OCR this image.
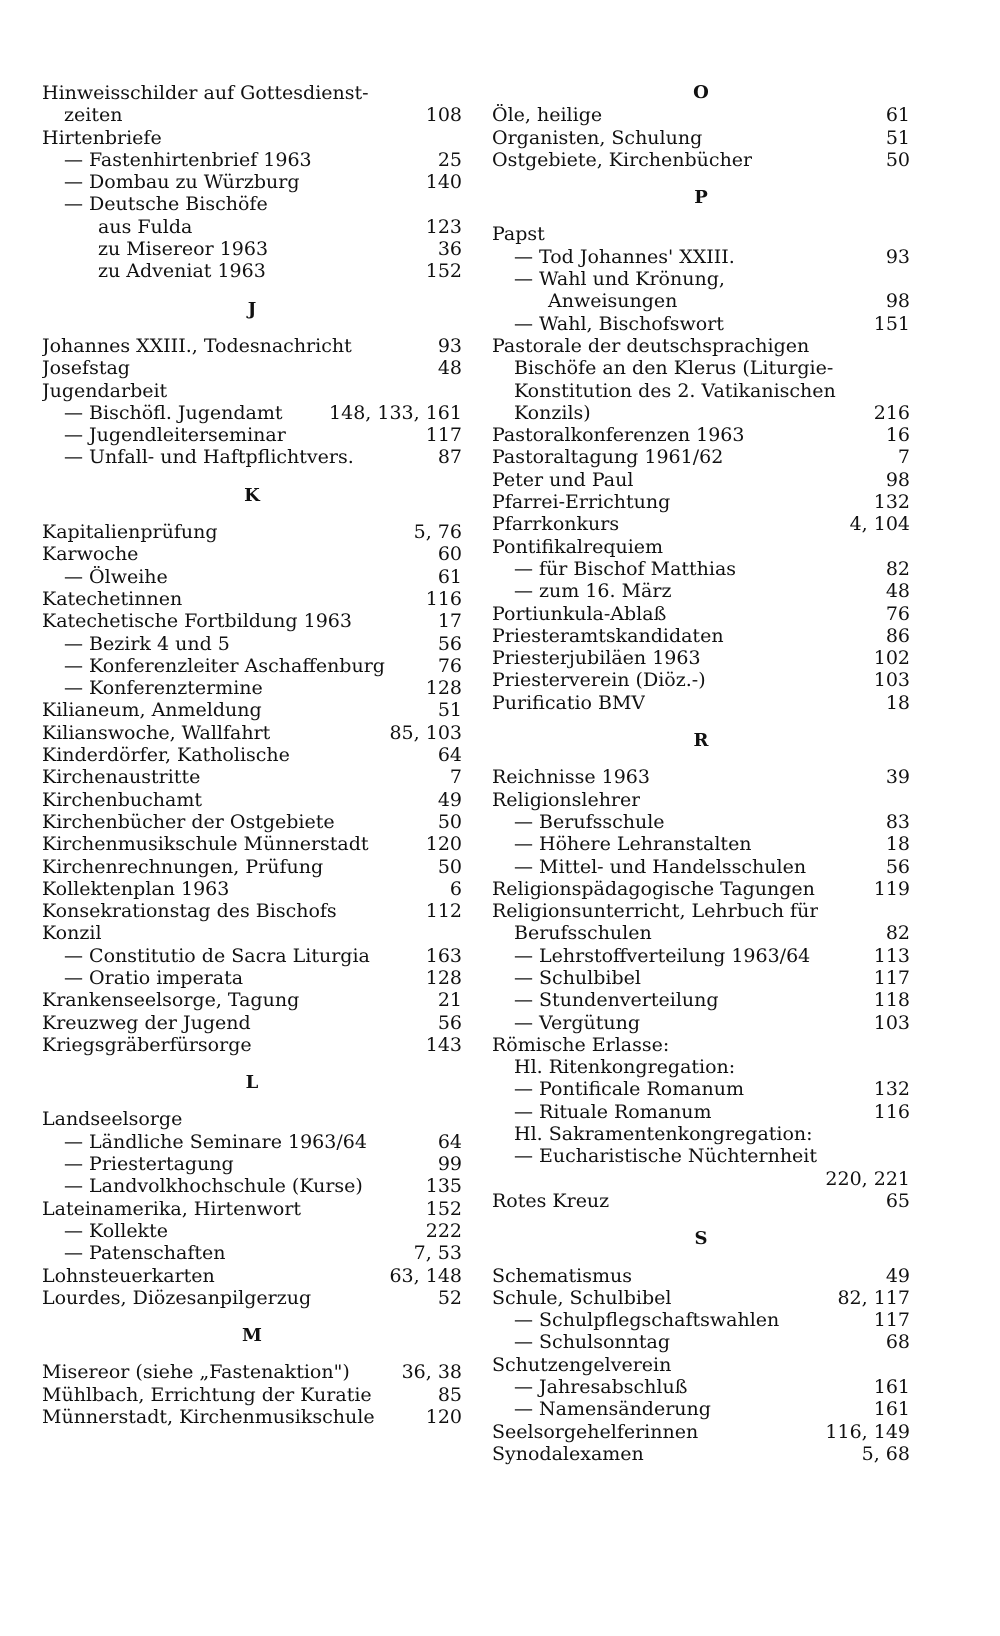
Hinweisschilder auf Gottesdienst-
zeiten	108
Hirtenbriefe
— Fastenhirtenbrief 1963	25
— Dombau zu Würzburg	140
— Deutsche Bischöfe
aus Fulda	123
zu Misereor 1963	36
zu Adveniat 1963	152
J
Johannes XXIII., Todesnachricht	93
Josefstag	48
Jugendarbeit
— Bischöfl. Jugendamt	148, 133, 161
— Jugendleiterseminar	117
— Unfall- und Haftpflichtvers.	87
K
Kapitalienprüfung	5, 76
Karwoche	60
— Ölweihe	61
Katechetinnen	116
Katechetische Fortbildung 1963	17
— Bezirk 4 und 5	56
— Konferenzleiter Aschaffenburg	76
— Konferenztermine	128
Kilianeum, Anmeldung	51
Kilianswoche, Wallfahrt	85, 103
Kinderdörfer, Katholische	64
Kirchenaustritte	7
Kirchenbuchamt	49
Kirchenbücher der Ostgebiete	50
Kirchenmusikschule Münnerstadt	120
Kirchenrechnungen, Prüfung	50
Kollektenplan 1963	6
Konsekrationstag des Bischofs	112
Konzil
— Constitutio de Sacra Liturgia	163
— Oratio imperata	128
Krankenseelsorge, Tagung	21
Kreuzweg der Jugend	56
Kriegsgräberfürsorge	143
L
Landseelsorge
— Ländliche Seminare 1963/64	64
— Priestertagung	99
— Landvolkhochschule (Kurse)	135
Lateinamerika, Hirtenwort	152
— Kollekte	222
— Patenschaften	7, 53
Lohnsteuerkarten	63, 148
Lourdes, Diözesanpilgerzug	52
M
Misereor (siehe „Fastenaktion")	36, 38
Mühlbach, Errichtung der Kuratie	85
Münnerstadt, Kirchenmusikschule	120
O
Öle, heilige	61
Organisten, Schulung	51
Ostgebiete, Kirchenbücher	50
P
Papst
— Tod Johannes' XXIII.	93
— Wahl und Krönung,
Anweisungen	98
— Wahl, Bischofswort	151
Pastorale der deutschsprachigen
Bischöfe an den Klerus (Liturgie-
Konstitution des 2. Vatikanischen
Konzils)	216
Pastoralkonferenzen 1963	16
Pastoraltagung 1961/62	7
Peter und Paul	98
Pfarrei-Errichtung	132
Pfarrkonkurs	4, 104
Pontifikalrequiem
— für Bischof Matthias	82
— zum 16. März	48
Portiunkula-Ablaß	76
Priesteramtskandidaten	86
Priesterjubiläen 1963	102
Priesterverein (Diöz.-)	103
Purificatio BMV	18
R
Reichnisse 1963	39
Religionslehrer
— Berufsschule	83
— Höhere Lehranstalten	18
— Mittel- und Handelsschulen	56
Religionspädagogische Tagungen	119
Religionsunterricht, Lehrbuch für
Berufsschulen	82
— Lehrstoffverteilung 1963/64	113
— Schulbibel	117
— Stundenverteilung	118
— Vergütung	103
Römische Erlasse:
Hl. Ritenkongregation:
— Pontificale Romanum	132
— Rituale Romanum	116
Hl. Sakramentenkongregation:
— Eucharistische Nüchternheit
220, 221
Rotes Kreuz	65
S
Schematismus	49
Schule, Schulbibel	82, 117
— Schulpflegschaftswahlen	117
— Schulsonntag	68
Schutzengelverein
— Jahresabschluß	161
— Namensänderung	161
Seelsorgehelferinnen	116, 149
Synodalexamen	5, 68
